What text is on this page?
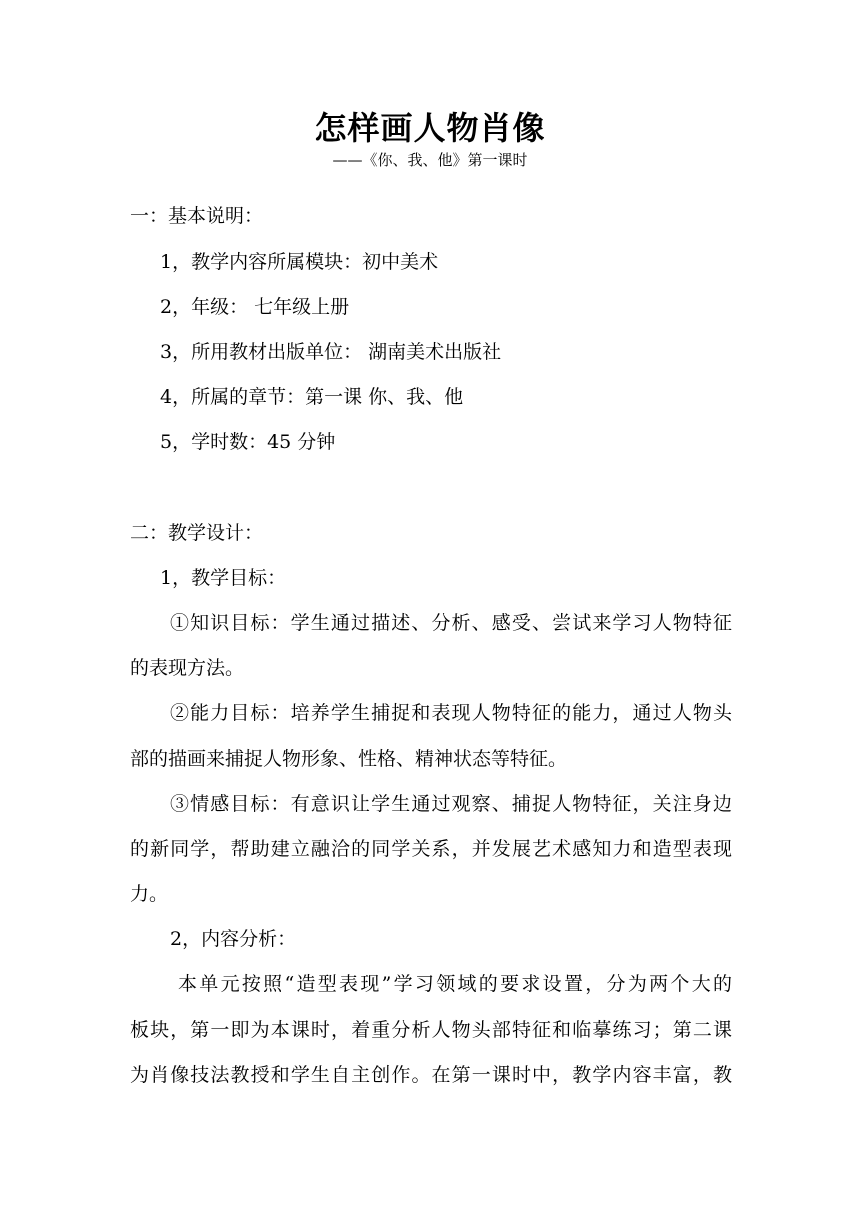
怎样画人物肖像
——《你、我、他》第一课时
一：基本说明：
1，教学内容所属模块：初中美术
2，年级： 七年级上册
3，所用教材出版单位： 湖南美术出版社
4，所属的章节：第一课 你、我、他
5，学时数：45 分钟
二：教学设计：
1，教学目标：
①知识目标：学生通过描述、分析、感受、尝试来学习人物特征
的表现方法。
②能力目标：培养学生捕捉和表现人物特征的能力，通过人物头
部的描画来捕捉人物形象、性格、精神状态等特征。
③情感目标：有意识让学生通过观察、捕捉人物特征，关注身边
的新同学，帮助建立融洽的同学关系，并发展艺术感知力和造型表现
力。
2，内容分析：
本单元按照“造型表现”学习领域的要求设置，分为两个大的
板块，第一即为本课时，着重分析人物头部特征和临摹练习；第二课
为肖像技法教授和学生自主创作。在第一课时中，教学内容丰富，教
